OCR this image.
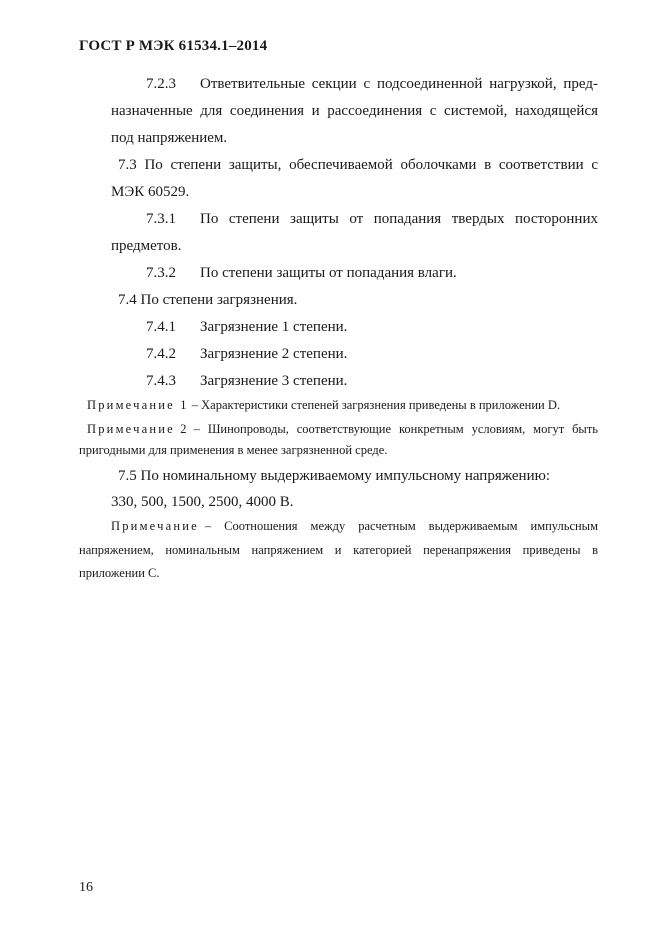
ГОСТ Р МЭК 61534.1–2014
7.2.3 Ответвительные секции с подсоединенной нагрузкой, пред-
назначенные для соединения и рассоединения с системой, находящейся
под напряжением.
7.3 По степени защиты, обеспечиваемой оболочками в соответствии с
МЭК 60529.
7.3.1 По степени защиты от попадания твердых посторонних
предметов.
7.3.2 По степени защиты от попадания влаги.
7.4 По степени загрязнения.
7.4.1 Загрязнение 1 степени.
7.4.2 Загрязнение 2 степени.
7.4.3 Загрязнение 3 степени.
Примечание 1 – Характеристики степеней загрязнения приведены в приложении D.
Примечание 2 – Шинопроводы, соответствующие конкретным условиям, могут быть
пригодными для применения в менее загрязненной среде.
7.5 По номинальному выдерживаемому импульсному напряжению:
330, 500, 1500, 2500, 4000 В.
Примечание – Соотношения между расчетным выдерживаемым импульсным
напряжением, номинальным напряжением и категорией перенапряжения приведены в
приложении С.
16
